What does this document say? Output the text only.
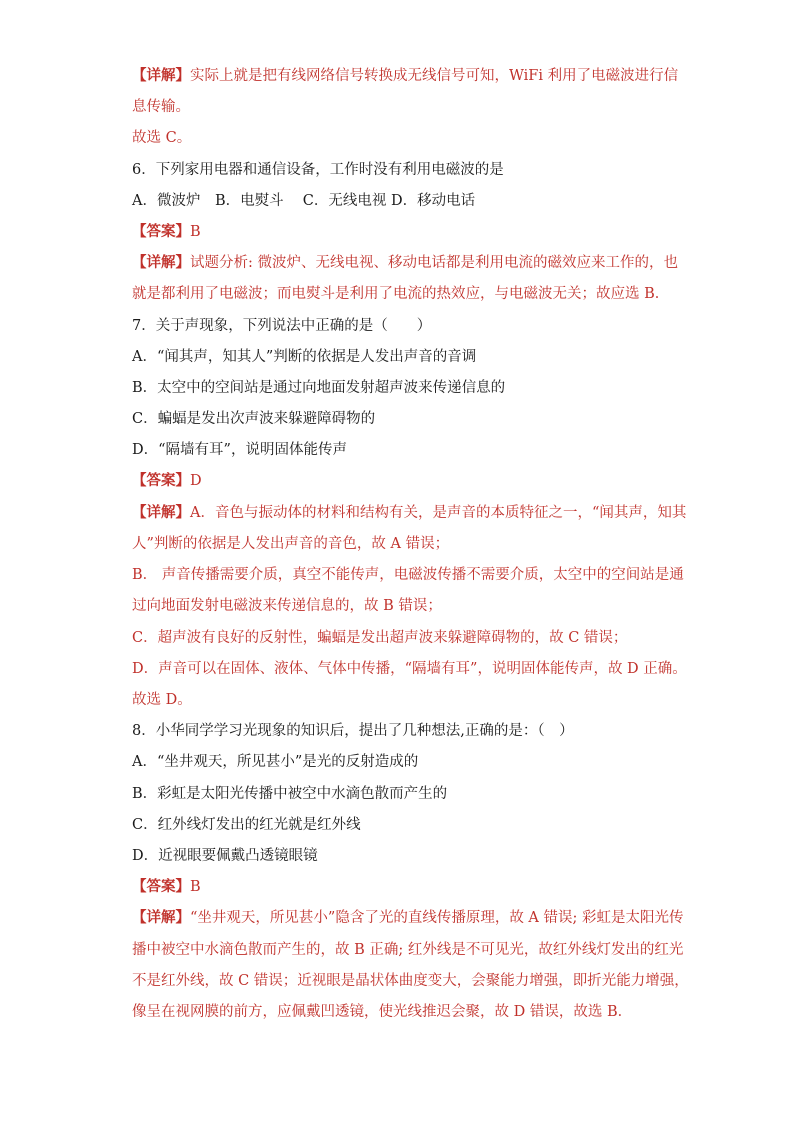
【详解】实际上就是把有线网络信号转换成无线信号可知，WiFi 利用了电磁波进行信
息传输。
故选 C。
6．下列家用电器和通信设备，工作时没有利用电磁波的是
A．微波炉　B．电熨斗　 C．无线电视 D．移动电话
【答案】B
【详解】试题分析: 微波炉、无线电视、移动电话都是利用电流的磁效应来工作的，也
就是都利用了电磁波；而电熨斗是利用了电流的热效应，与电磁波无关；故应选 B．
7．关于声现象，下列说法中正确的是（　　）
A．“闻其声，知其人”判断的依据是人发出声音的音调
B．太空中的空间站是通过向地面发射超声波来传递信息的
C．蝙蝠是发出次声波来躲避障碍物的
D．“隔墙有耳”，说明固体能传声
【答案】D
【详解】A．音色与振动体的材料和结构有关，是声音的本质特征之一，“闻其声，知其
人”判断的依据是人发出声音的音色，故 A 错误；
B． 声音传播需要介质，真空不能传声，电磁波传播不需要介质，太空中的空间站是通
过向地面发射电磁波来传递信息的，故 B 错误；
C．超声波有良好的反射性，蝙蝠是发出超声波来躲避障碍物的，故 C 错误；
D．声音可以在固体、液体、气体中传播，“隔墙有耳”，说明固体能传声，故 D 正确。
故选 D。
8．小华同学学习光现象的知识后，提出了几种想法,正确的是：（　）
A．“坐井观天，所见甚小”是光的反射造成的
B．彩虹是太阳光传播中被空中水滴色散而产生的
C．红外线灯发出的红光就是红外线
D．近视眼要佩戴凸透镜眼镜
【答案】B
【详解】“坐井观天，所见甚小”隐含了光的直线传播原理，故 A 错误; 彩虹是太阳光传
播中被空中水滴色散而产生的，故 B 正确; 红外线是不可见光，故红外线灯发出的红光
不是红外线，故 C 错误；近视眼是晶状体曲度变大，会聚能力增强，即折光能力增强，
像呈在视网膜的前方，应佩戴凹透镜，使光线推迟会聚，故 D 错误，故选 B．
